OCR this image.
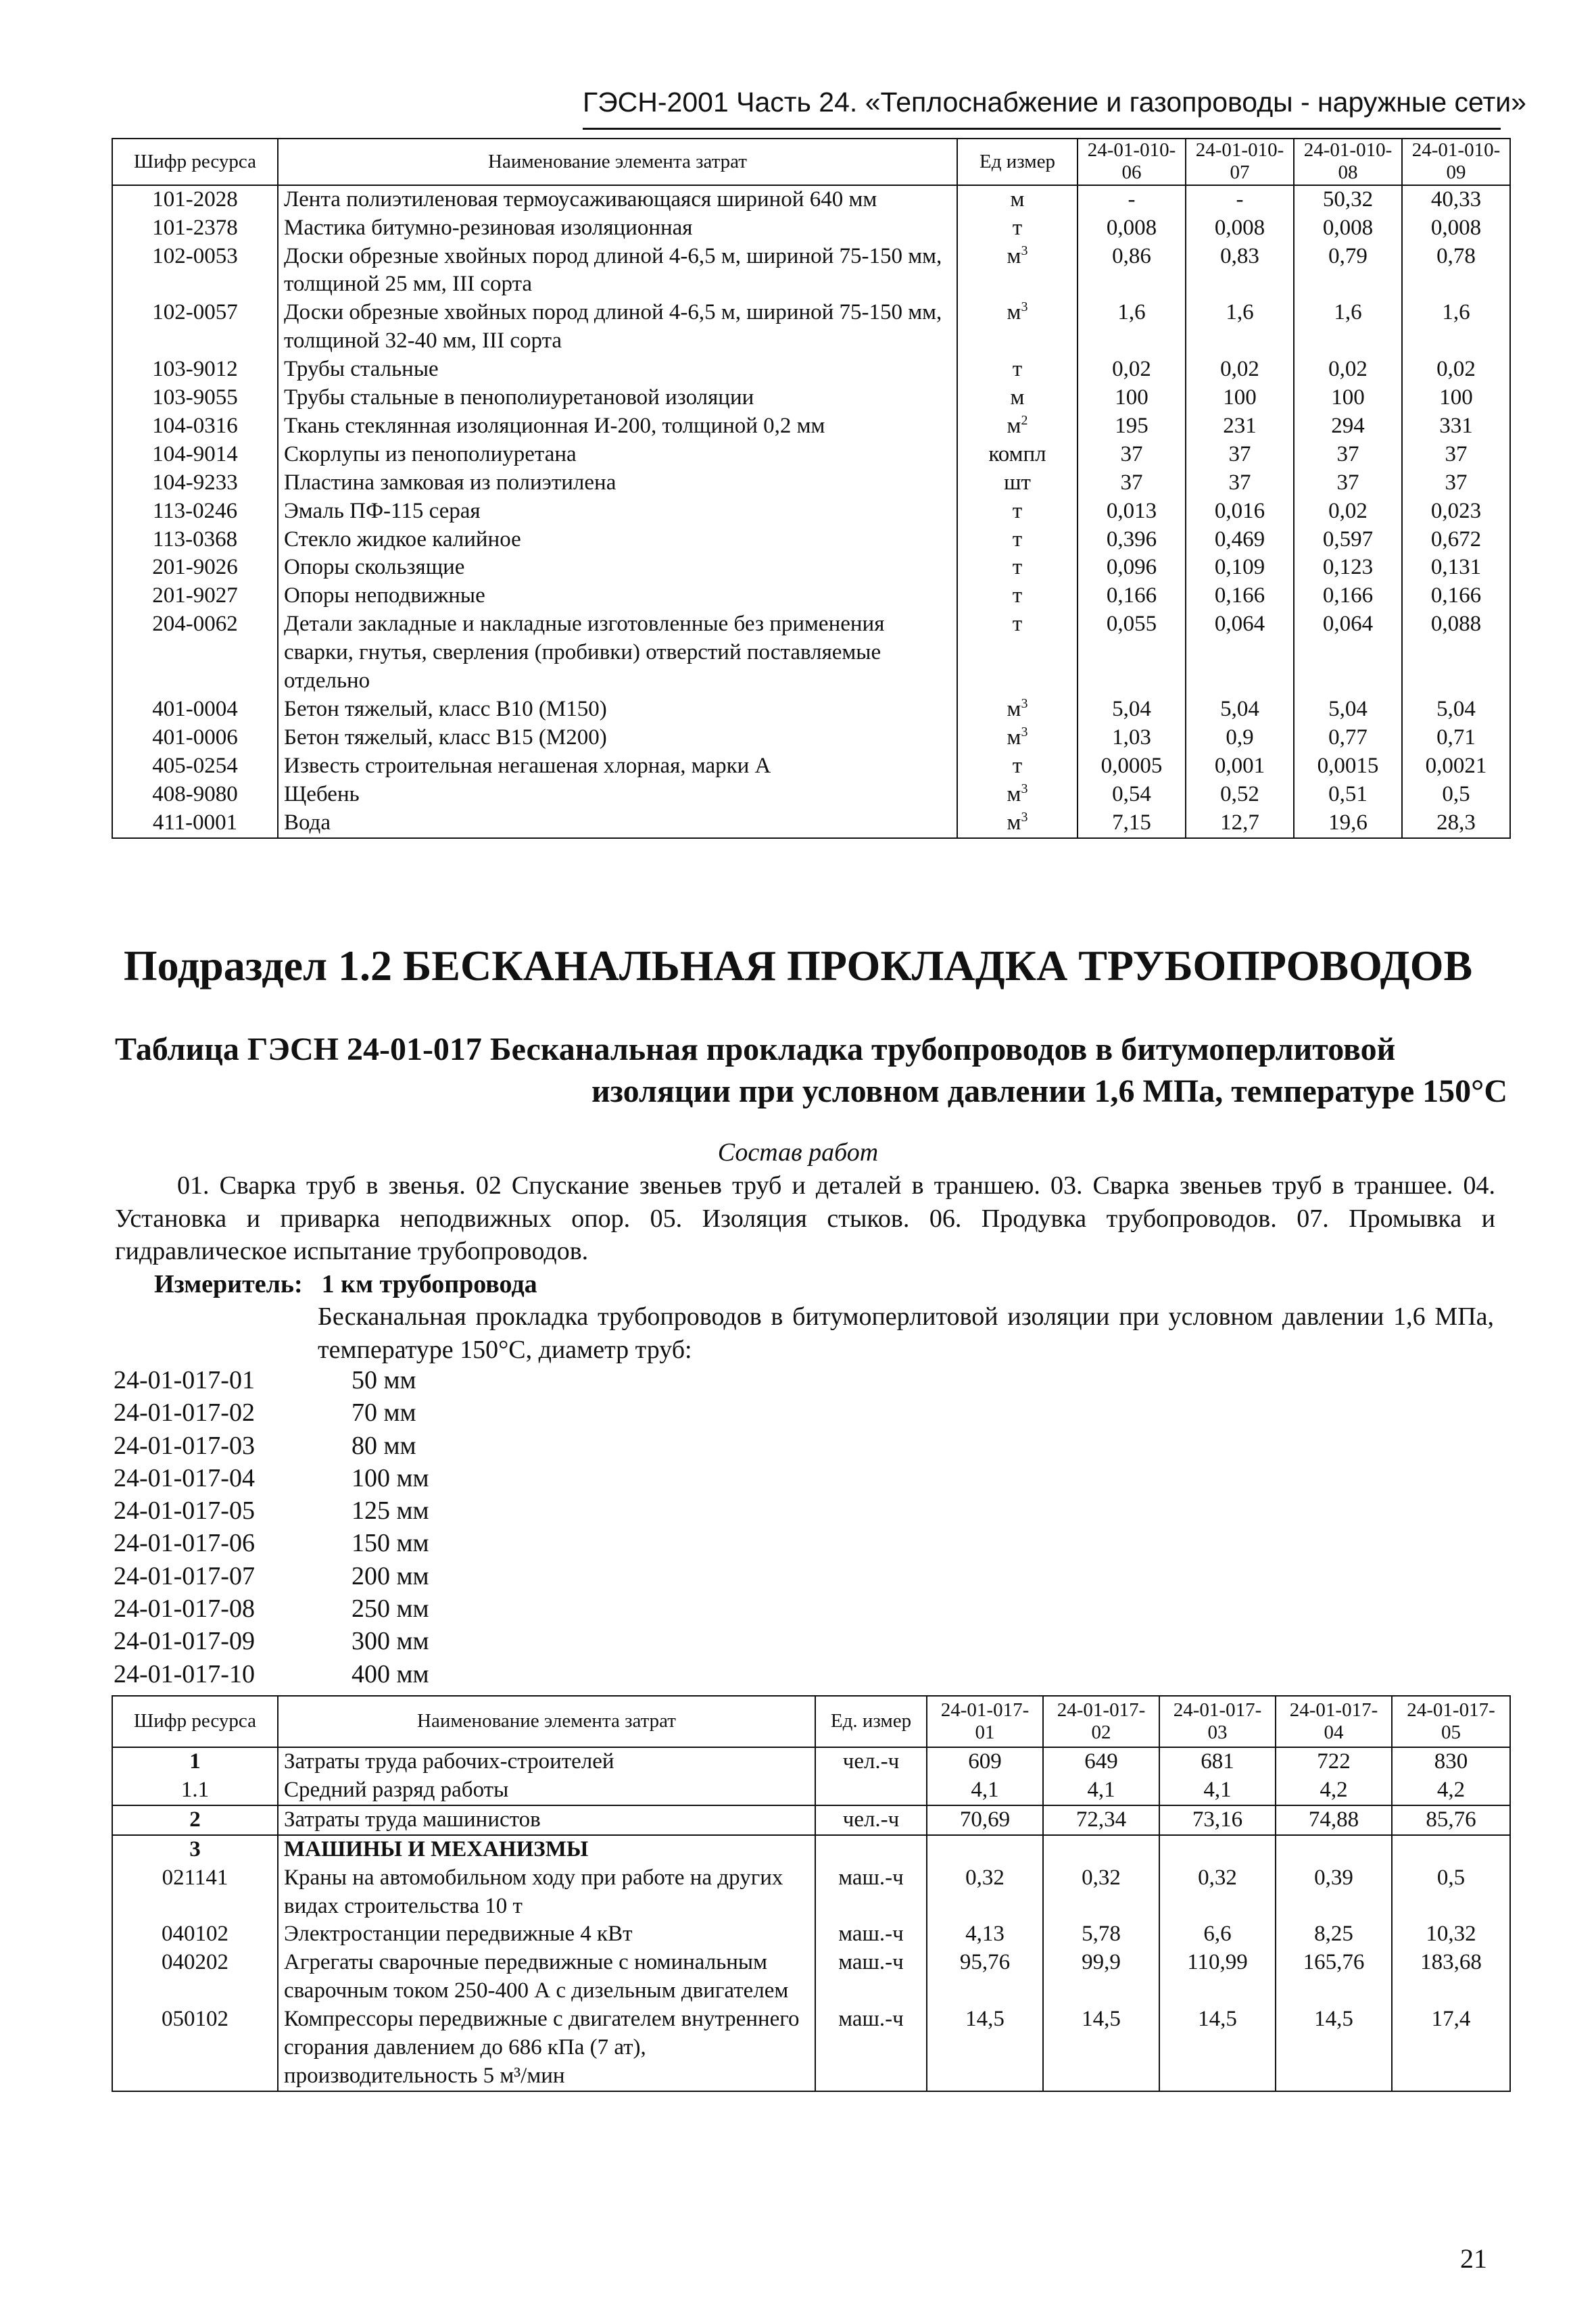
ГЭСН-2001 Часть 24. «Теплоснабжение и газопроводы - наружные сети»
Шифр ресурса	Наименование элемента затрат	Ед измер	24-01-010-06	24-01-010-07	24-01-010-08	24-01-010-09
101-2028	Лента полиэтиленовая термоусаживающаяся шириной 640 мм	м	-	-	50,32	40,33
101-2378	Мастика битумно-резиновая изоляционная	т	0,008	0,008	0,008	0,008
102-0053	Доски обрезные хвойных пород длиной 4-6,5 м, шириной 75-150 мм, толщиной 25 мм, III сорта	$м^3$	0,86	0,83	0,79	0,78
102-0057	Доски обрезные хвойных пород длиной 4-6,5 м, шириной 75-150 мм, толщиной 32-40 мм, III сорта	$м^3$	1,6	1,6	1,6	1,6
103-9012	Трубы стальные	т	0,02	0,02	0,02	0,02
103-9055	Трубы стальные в пенополиуретановой изоляции	м	100	100	100	100
104-0316	Ткань стеклянная изоляционная И-200, толщиной 0,2 мм	$м^2$	195	231	294	331
104-9014	Скорлупы из пенополиуретана	компл	37	37	37	37
104-9233	Пластина замковая из полиэтилена	шт	37	37	37	37
113-0246	Эмаль ПФ-115 серая	т	0,013	0,016	0,02	0,023
113-0368	Стекло жидкое калийное	т	0,396	0,469	0,597	0,672
201-9026	Опоры скользящие	т	0,096	0,109	0,123	0,131
201-9027	Опоры неподвижные	т	0,166	0,166	0,166	0,166
204-0062	Детали закладные и накладные изготовленные без применения сварки, гнутья, сверления (пробивки) отверстий поставляемые отдельно	т	0,055	0,064	0,064	0,088
401-0004	Бетон тяжелый, класс В10 (М150)	$м^3$	5,04	5,04	5,04	5,04
401-0006	Бетон тяжелый, класс В15 (М200)	$м^3$	1,03	0,9	0,77	0,71
405-0254	Известь строительная негашеная хлорная, марки А	т	0,0005	0,001	0,0015	0,0021
408-9080	Щебень	$м^3$	0,54	0,52	0,51	0,5
411-0001	Вода	$м^3$	7,15	12,7	19,6	28,3
Подраздел 1.2 БЕСКАНАЛЬНАЯ ПРОКЛАДКА ТРУБОПРОВОДОВ
Таблица ГЭСН 24-01-017 Бесканальная прокладка трубопроводов в битумоперлитовой
изоляции при условном давлении 1,6 МПа, температуре 150°С
Состав работ
01. Сварка труб в звенья. 02 Спускание звеньев труб и деталей в траншею. 03. Сварка звеньев труб в траншее. 04. Установка и приварка неподвижных опор. 05. Изоляция стыков. 06. Продувка трубопроводов. 07. Промывка и гидравлическое испытание трубопроводов.
Измеритель: 1 км трубопровода
Бесканальная прокладка трубопроводов в битумоперлитовой изоляции при условном давлении 1,6 МПа, температуре 150°С, диаметр труб:
24-01-017-01	50 мм
24-01-017-02	70 мм
24-01-017-03	80 мм
24-01-017-04	100 мм
24-01-017-05	125 мм
24-01-017-06	150 мм
24-01-017-07	200 мм
24-01-017-08	250 мм
24-01-017-09	300 мм
24-01-017-10	400 мм
Шифр ресурса	Наименование элемента затрат	Ед. измер	24-01-017-01	24-01-017-02	24-01-017-03	24-01-017-04	24-01-017-05
1	Затраты труда рабочих-строителей	чел.-ч	609	649	681	722	830
1.1	Средний разряд работы		4,1	4,1	4,1	4,2	4,2
2	Затраты труда машинистов	чел.-ч	70,69	72,34	73,16	74,88	85,76
3	МАШИНЫ И МЕХАНИЗМЫ						
021141	Краны на автомобильном ходу при работе на других видах строительства 10 т	маш.-ч	0,32	0,32	0,32	0,39	0,5
040102	Электростанции передвижные 4 кВт	маш.-ч	4,13	5,78	6,6	8,25	10,32
040202	Агрегаты сварочные передвижные с номинальным сварочным током 250-400 А с дизельным двигателем	маш.-ч	95,76	99,9	110,99	165,76	183,68
050102	Компрессоры передвижные с двигателем внутреннего сгорания давлением до 686 кПа (7 ат), производительность 5 м³/мин	маш.-ч	14,5	14,5	14,5	14,5	17,4
21
